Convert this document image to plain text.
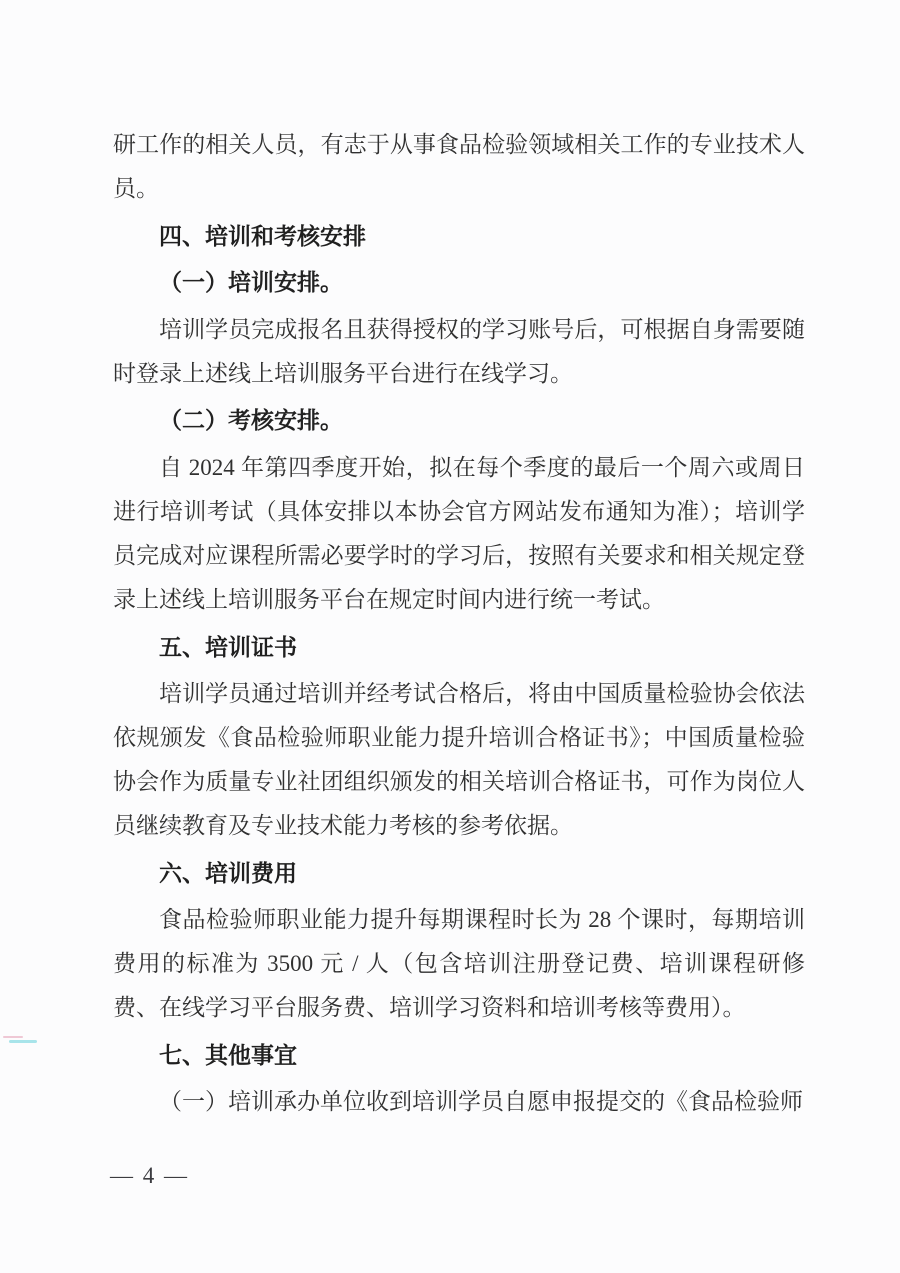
研工作的相关人员，有志于从事食品检验领域相关工作的专业技术人员。

四、培训和考核安排

（一）培训安排。

培训学员完成报名且获得授权的学习账号后，可根据自身需要随时登录上述线上培训服务平台进行在线学习。

（二）考核安排。

自 2024 年第四季度开始，拟在每个季度的最后一个周六或周日进行培训考试（具体安排以本协会官方网站发布通知为准）；培训学员完成对应课程所需必要学时的学习后，按照有关要求和相关规定登录上述线上培训服务平台在规定时间内进行统一考试。

五、培训证书

培训学员通过培训并经考试合格后，将由中国质量检验协会依法依规颁发《食品检验师职业能力提升培训合格证书》；中国质量检验协会作为质量专业社团组织颁发的相关培训合格证书，可作为岗位人员继续教育及专业技术能力考核的参考依据。

六、培训费用

食品检验师职业能力提升每期课程时长为 28 个课时，每期培训费用的标准为 3500 元 / 人（包含培训注册登记费、培训课程研修费、在线学习平台服务费、培训学习资料和培训考核等费用）。

七、其他事宜

（一）培训承办单位收到培训学员自愿申报提交的《食品检验师

— 4 —
